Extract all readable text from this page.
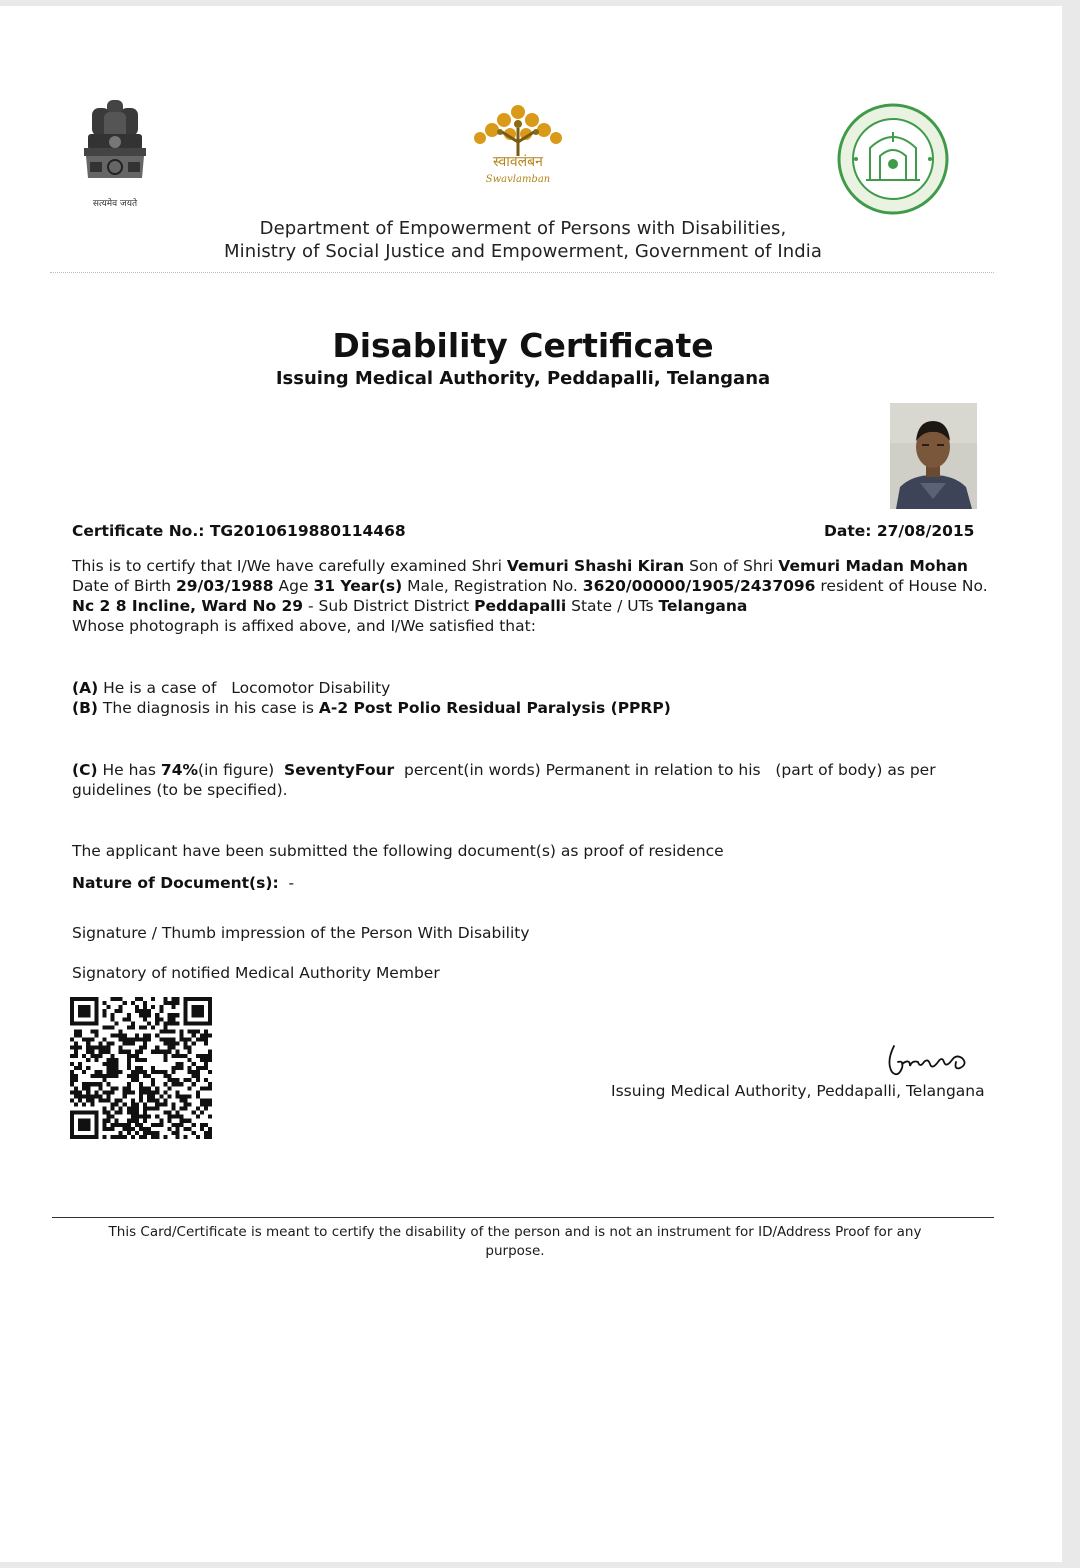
सत्यमेव जयते
स्वावलंबन
Swavlamban
Department of Empowerment of Persons with Disabilities,
Ministry of Social Justice and Empowerment, Government of India
Disability Certificate
Issuing Medical Authority, Peddapalli, Telangana
Certificate No.: TG2010619880114468	Date: 27/08/2015
This is to certify that I/We have carefully examined Shri Vemuri Shashi Kiran Son of Shri Vemuri Madan Mohan
Date of Birth 29/03/1988 Age 31 Year(s) Male, Registration No. 3620/00000/1905/2437096 resident of House No.
Nc 2 8 Incline, Ward No 29 - Sub District District Peddapalli State / UTs Telangana
Whose photograph is affixed above, and I/We satisfied that:
(A) He is a case of   Locomotor Disability
(B) The diagnosis in his case is A-2 Post Polio Residual Paralysis (PPRP)
(C) He has 74%(in figure)  SeventyFour  percent(in words) Permanent in relation to his   (part of body) as per guidelines (to be specified).
The applicant have been submitted the following document(s) as proof of residence
Nature of Document(s):  -
Signature / Thumb impression of the Person With Disability
Signatory of notified Medical Authority Member
Issuing Medical Authority, Peddapalli, Telangana
This Card/Certificate is meant to certify the disability of the person and is not an instrument for ID/Address Proof for any purpose.
